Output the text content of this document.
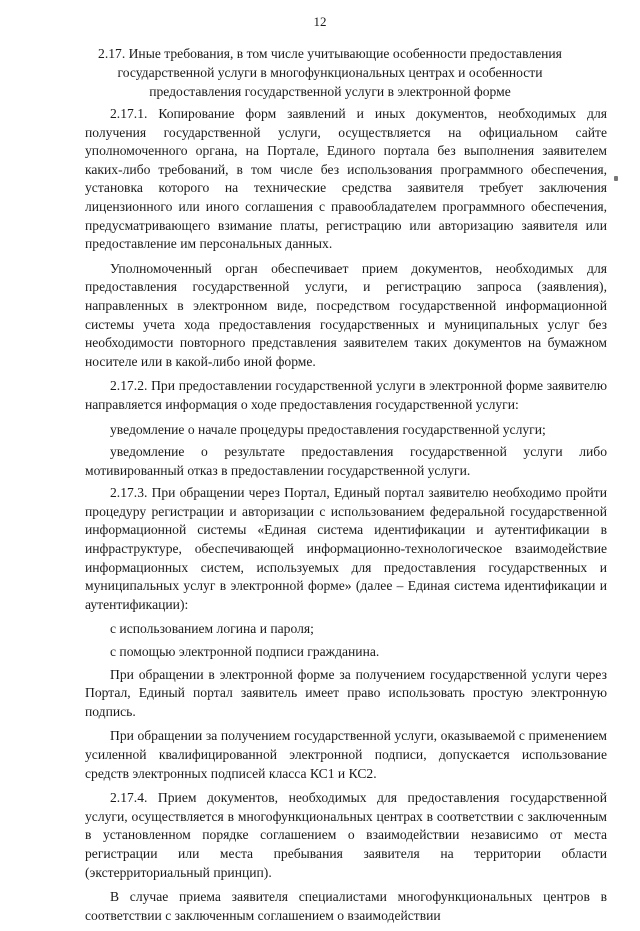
12
2.17. Иные требования, в том числе учитывающие особенности предоставления государственной услуги в многофункциональных центрах и особенности предоставления государственной услуги в электронной форме

2.17.1. Копирование форм заявлений и иных документов, необходимых для получения государственной услуги, осуществляется на официальном сайте уполномоченного органа, на Портале, Единого портала без выполнения заявителем каких-либо требований, в том числе без использования программного обеспечения, установка которого на технические средства заявителя требует заключения лицензионного или иного соглашения с правообладателем программного обеспечения, предусматривающего взимание платы, регистрацию или авторизацию заявителя или предоставление им персональных данных.

Уполномоченный орган обеспечивает прием документов, необходимых для предоставления государственной услуги, и регистрацию запроса (заявления), направленных в электронном виде, посредством государственной информационной системы учета хода предоставления государственных и муниципальных услуг без необходимости повторного представления заявителем таких документов на бумажном носителе или в какой-либо иной форме.

2.17.2. При предоставлении государственной услуги в электронной форме заявителю направляется информация о ходе предоставления государственной услуги:

уведомление о начале процедуры предоставления государственной услуги;

уведомление о результате предоставления государственной услуги либо мотивированный отказ в предоставлении государственной услуги.

2.17.3. При обращении через Портал, Единый портал заявителю необходимо пройти процедуру регистрации и авторизации с использованием федеральной государственной информационной системы «Единая система идентификации и аутентификации в инфраструктуре, обеспечивающей информационно-технологическое взаимодействие информационных систем, используемых для предоставления государственных и муниципальных услуг в электронной форме» (далее – Единая система идентификации и аутентификации):

с использованием логина и пароля;

с помощью электронной подписи гражданина.

При обращении в электронной форме за получением государственной услуги через Портал, Единый портал заявитель имеет право использовать простую электронную подпись.

При обращении за получением государственной услуги, оказываемой с применением усиленной квалифицированной электронной подписи, допускается использование средств электронных подписей класса КС1 и КС2.

2.17.4. Прием документов, необходимых для предоставления государственной услуги, осуществляется в многофункциональных центрах в соответствии с заключенным в установленном порядке соглашением о взаимодействии независимо от места регистрации или места пребывания заявителя на территории области (экстерриториальный принцип).

В случае приема заявителя специалистами многофункциональных центров в соответствии с заключенным соглашением о взаимодействии
